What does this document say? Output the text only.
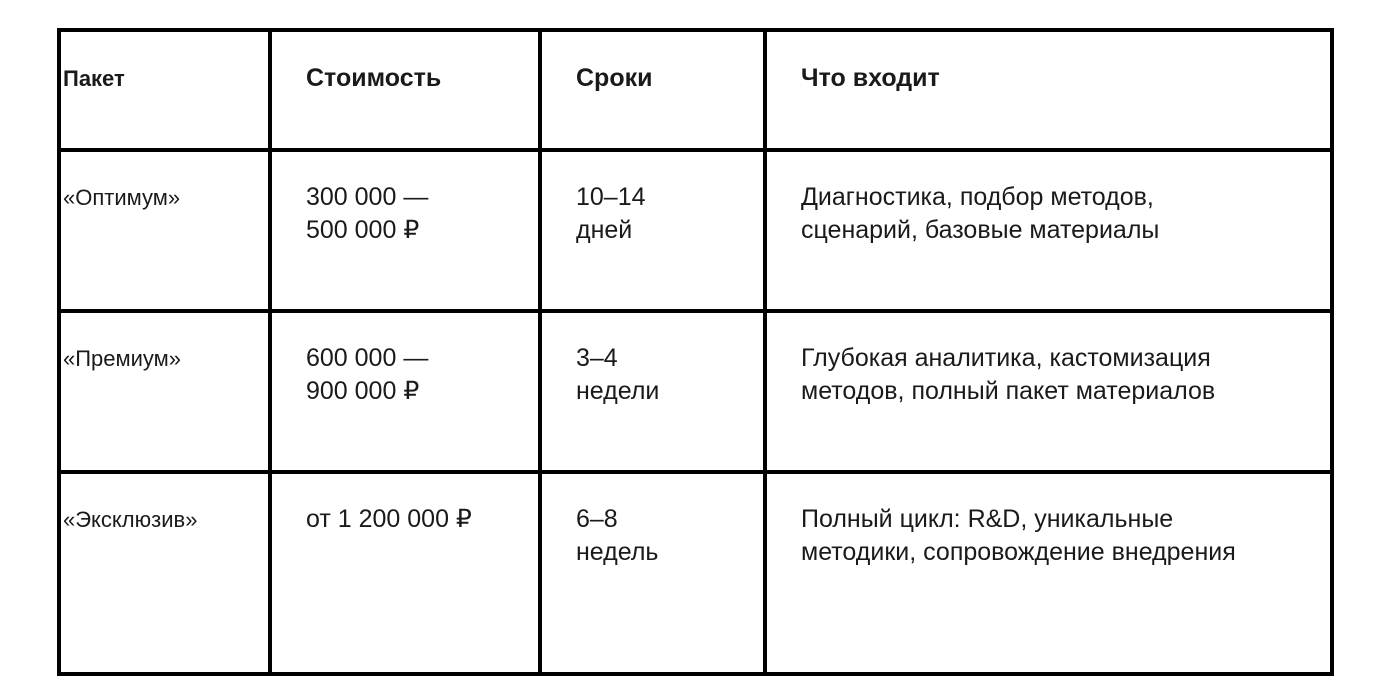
Пакет	Стоимость	Сроки	Что входит

«Оптимум»	300 000 — 500 000 ₽	10–14 дней	Диагностика, подбор методов, сценарий, базовые материалы

«Премиум»	600 000 — 900 000 ₽	3–4 недели	Глубокая аналитика, кастомизация методов, полный пакет материалов

«Эксклюзив»	от 1 200 000 ₽	6–8 недель	Полный цикл: R&D, уникальные методики, сопровождение внедрения
